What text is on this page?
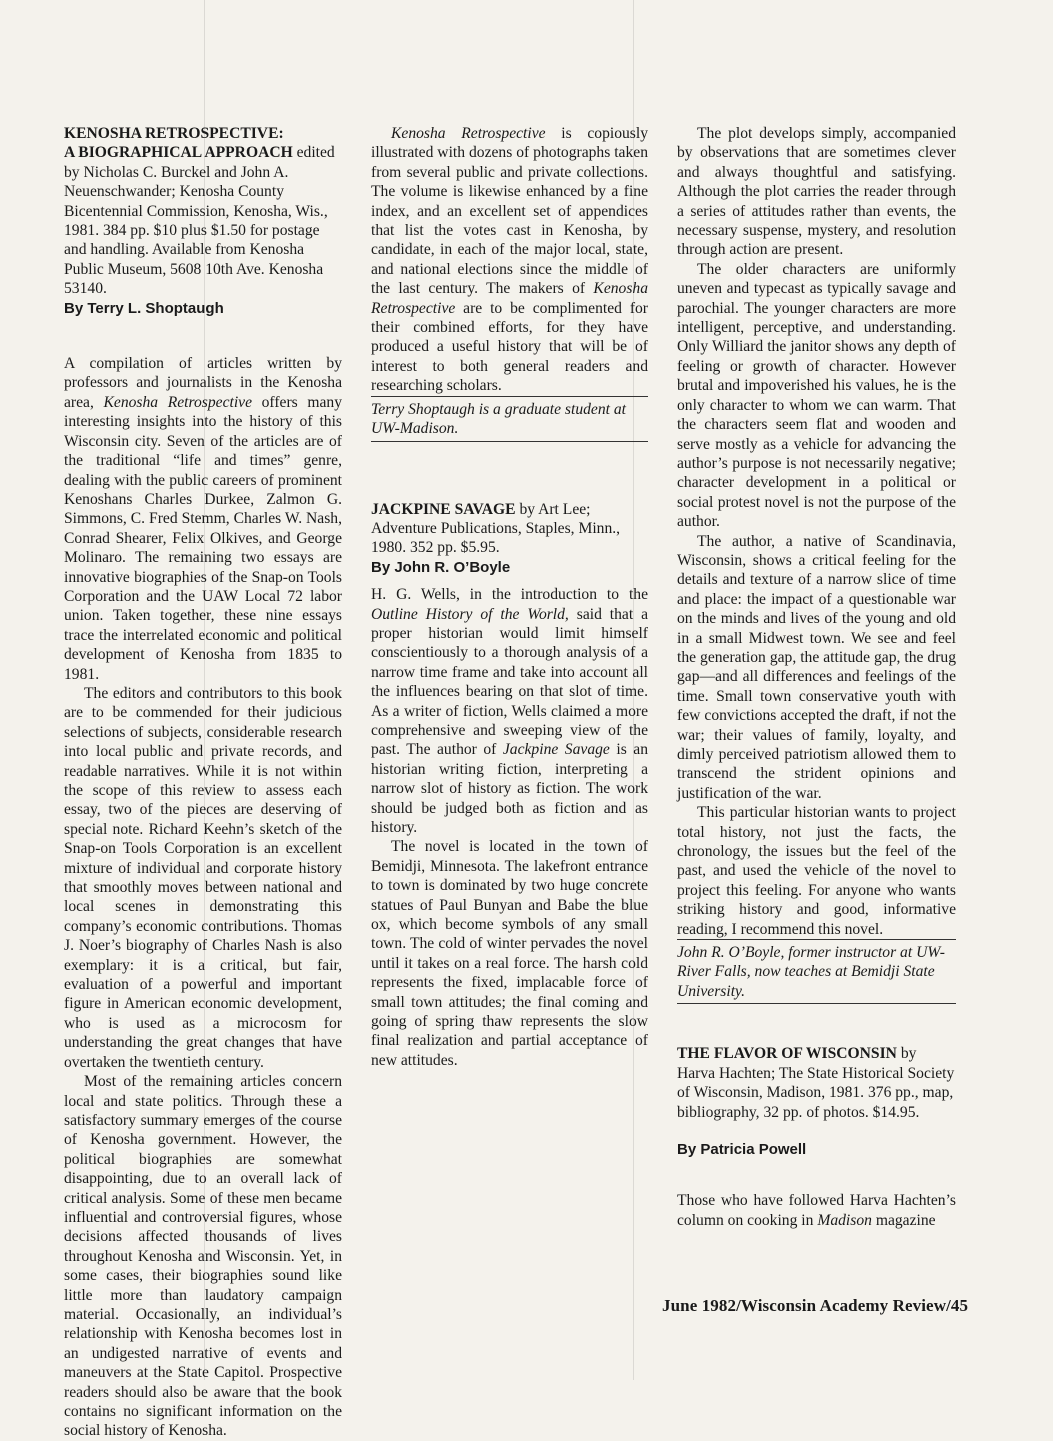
KENOSHA RETROSPECTIVE:
A BIOGRAPHICAL APPROACH edited by Nicholas C. Burckel and John A. Neuenschwander; Kenosha County Bicentennial Commission, Kenosha, Wis., 1981. 384 pp. $10 plus $1.50 for postage and handling. Available from Kenosha Public Museum, 5608 10th Ave. Kenosha 53140.

By Terry L. Shoptaugh

A compilation of articles written by professors and journalists in the Kenosha area, Kenosha Retrospective offers many interesting insights into the history of this Wisconsin city. Seven of the articles are of the traditional “life and times” genre, dealing with the public careers of prominent Kenoshans Charles Durkee, Zalmon G. Simmons, C. Fred Stemm, Charles W. Nash, Conrad Shearer, Felix Olkives, and George Molinaro. The remaining two essays are innovative biographies of the Snap-on Tools Corporation and the UAW Local 72 labor union. Taken together, these nine essays trace the interrelated economic and political development of Kenosha from 1835 to 1981.

The editors and contributors to this book are to be commended for their judicious selections of subjects, considerable research into local public and private records, and readable narratives. While it is not within the scope of this review to assess each essay, two of the pieces are deserving of special note. Richard Keehn’s sketch of the Snap-on Tools Corporation is an excellent mixture of individual and corporate history that smoothly moves between national and local scenes in demonstrating this company’s economic contributions. Thomas J. Noer’s biography of Charles Nash is also exemplary: it is a critical, but fair, evaluation of a powerful and important figure in American economic development, who is used as a microcosm for understanding the great changes that have overtaken the twentieth century.

Most of the remaining articles concern local and state politics. Through these a satisfactory summary emerges of the course of Kenosha government. However, the political biographies are somewhat disappointing, due to an overall lack of critical analysis. Some of these men became influential and controversial figures, whose decisions affected thousands of lives throughout Kenosha and Wisconsin. Yet, in some cases, their biographies sound like little more than laudatory campaign material. Occasionally, an individual’s relationship with Kenosha becomes lost in an undigested narrative of events and maneuvers at the State Capitol. Prospective readers should also be aware that the book contains no significant information on the social history of Kenosha.

Kenosha Retrospective is copiously illustrated with dozens of photographs taken from several public and private collections. The volume is likewise enhanced by a fine index, and an excellent set of appendices that list the votes cast in Kenosha, by candidate, in each of the major local, state, and national elections since the middle of the last century. The makers of Kenosha Retrospective are to be complimented for their combined efforts, for they have produced a useful history that will be of interest to both general readers and researching scholars.

Terry Shoptaugh is a graduate student at UW-Madison.

JACKPINE SAVAGE by Art Lee; Adventure Publications, Staples, Minn., 1980. 352 pp. $5.95.

By John R. O’Boyle

H. G. Wells, in the introduction to the Outline History of the World, said that a proper historian would limit himself conscientiously to a thorough analysis of a narrow time frame and take into account all the influences bearing on that slot of time. As a writer of fiction, Wells claimed a more comprehensive and sweeping view of the past. The author of Jackpine Savage is an historian writing fiction, interpreting a narrow slot of history as fiction. The work should be judged both as fiction and as history.

The novel is located in the town of Bemidji, Minnesota. The lakefront entrance to town is dominated by two huge concrete statues of Paul Bunyan and Babe the blue ox, which become symbols of any small town. The cold of winter pervades the novel until it takes on a real force. The harsh cold represents the fixed, implacable force of small town attitudes; the final coming and going of spring thaw represents the slow final realization and partial acceptance of new attitudes.

The plot develops simply, accompanied by observations that are sometimes clever and always thoughtful and satisfying. Although the plot carries the reader through a series of attitudes rather than events, the necessary suspense, mystery, and resolution through action are present.

The older characters are uniformly uneven and typecast as typically savage and parochial. The younger characters are more intelligent, perceptive, and understanding. Only Williard the janitor shows any depth of feeling or growth of character. However brutal and impoverished his values, he is the only character to whom we can warm. That the characters seem flat and wooden and serve mostly as a vehicle for advancing the author’s purpose is not necessarily negative; character development in a political or social protest novel is not the purpose of the author.

The author, a native of Scandinavia, Wisconsin, shows a critical feeling for the details and texture of a narrow slice of time and place: the impact of a questionable war on the minds and lives of the young and old in a small Midwest town. We see and feel the generation gap, the attitude gap, the drug gap—and all differences and feelings of the time. Small town conservative youth with few convictions accepted the draft, if not the war; their values of family, loyalty, and dimly perceived patriotism allowed them to transcend the strident opinions and justification of the war.

This particular historian wants to project total history, not just the facts, the chronology, the issues but the feel of the past, and used the vehicle of the novel to project this feeling. For anyone who wants striking history and good, informative reading, I recommend this novel.

John R. O’Boyle, former instructor at UW-River Falls, now teaches at Bemidji State University.

THE FLAVOR OF WISCONSIN by Harva Hachten; The State Historical Society of Wisconsin, Madison, 1981. 376 pp., map, bibliography, 32 pp. of photos. $14.95.

By Patricia Powell

Those who have followed Harva Hachten’s column on cooking in Madison magazine

June 1982/Wisconsin Academy Review/45
